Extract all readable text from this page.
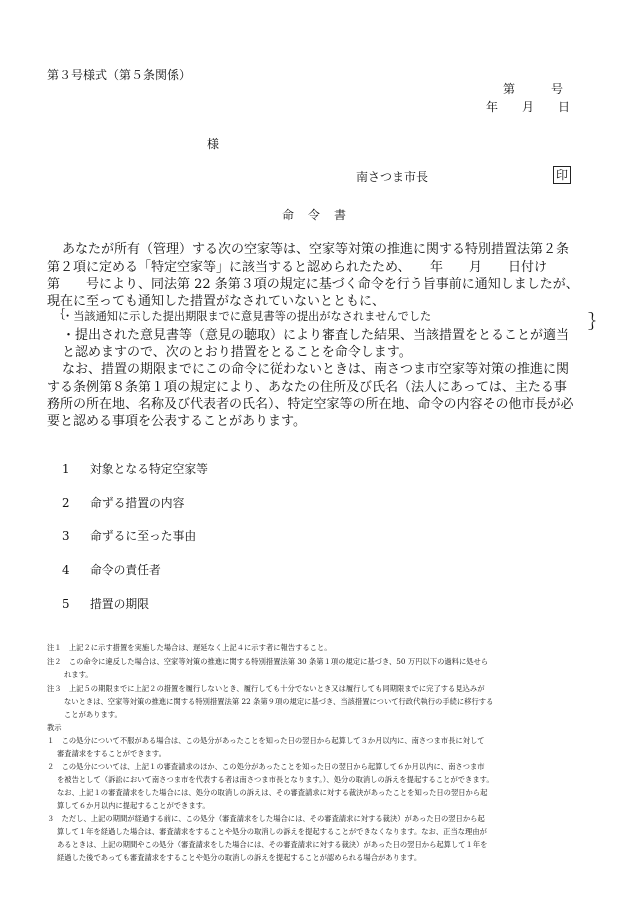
第３号様式（第５条関係）
第　　　号
年　　月　　日
様
南さつま市長	印
命　令　書
あなたが所有（管理）する次の空家等は、空家等対策の推進に関する特別措置法第２条
第２項に定める「特定空家等」に該当すると認められたため、　　年　　月　　日付け
第　　号により、同法第 22 条第３項の規定に基づく命令を行う旨事前に通知しましたが、
現在に至っても通知した措置がなされていないとともに、
｛
・当該通知に示した提出期限までに意見書等の提出がなされませんでした
・提出された意見書等（意見の聴取）により審査した結果、当該措置をとることが適当
｝
と認めますので、次のとおり措置をとることを命令します。
なお、措置の期限までにこの命令に従わないときは、南さつま市空家等対策の推進に関
する条例第８条第１項の規定により、あなたの住所及び氏名（法人にあっては、主たる事
務所の所在地、名称及び代表者の氏名）、特定空家等の所在地、命令の内容その他市長が必
要と認める事項を公表することがあります。
1 対象となる特定空家等
2 命ずる措置の内容
3 命ずるに至った事由
4 命令の責任者
5 措置の期限
注１　上記２に示す措置を実施した場合は、遅延なく上記４に示す者に報告すること。
注２　この命令に違反した場合は、空家等対策の推進に関する特別措置法第 30 条第１項の規定に基づき、50 万円以下の過料に処せら
れます。
注３　上記５の期限までに上記２の措置を履行しないとき、履行しても十分でないとき又は履行しても同期限までに完了する見込みが
ないときは、空家等対策の推進に関する特別措置法第 22 条第９項の規定に基づき、当該措置について行政代執行の手続に移行する
ことがあります。
教示
１　この処分について不服がある場合は、この処分があったことを知った日の翌日から起算して３か月以内に、南さつま市長に対して
審査請求をすることができます。
２　この処分については、上記１の審査請求のほか、この処分があったことを知った日の翌日から起算して６か月以内に、南さつま市
を被告として（訴訟において南さつま市を代表する者は南さつま市長となります。）、処分の取消しの訴えを提起することができます。
なお、上記１の審査請求をした場合には、処分の取消しの訴えは、その審査請求に対する裁決があったことを知った日の翌日から起
算して６か月以内に提起することができます。
３　ただし、上記の期間が経過する前に、この処分（審査請求をした場合には、その審査請求に対する裁決）があった日の翌日から起
算して１年を経過した場合は、審査請求をすることや処分の取消しの訴えを提起することができなくなります。なお、正当な理由が
あるときは、上記の期間やこの処分（審査請求をした場合には、その審査請求に対する裁決）があった日の翌日から起算して１年を
経過した後であっても審査請求をすることや処分の取消しの訴えを提起することが認められる場合があります。
